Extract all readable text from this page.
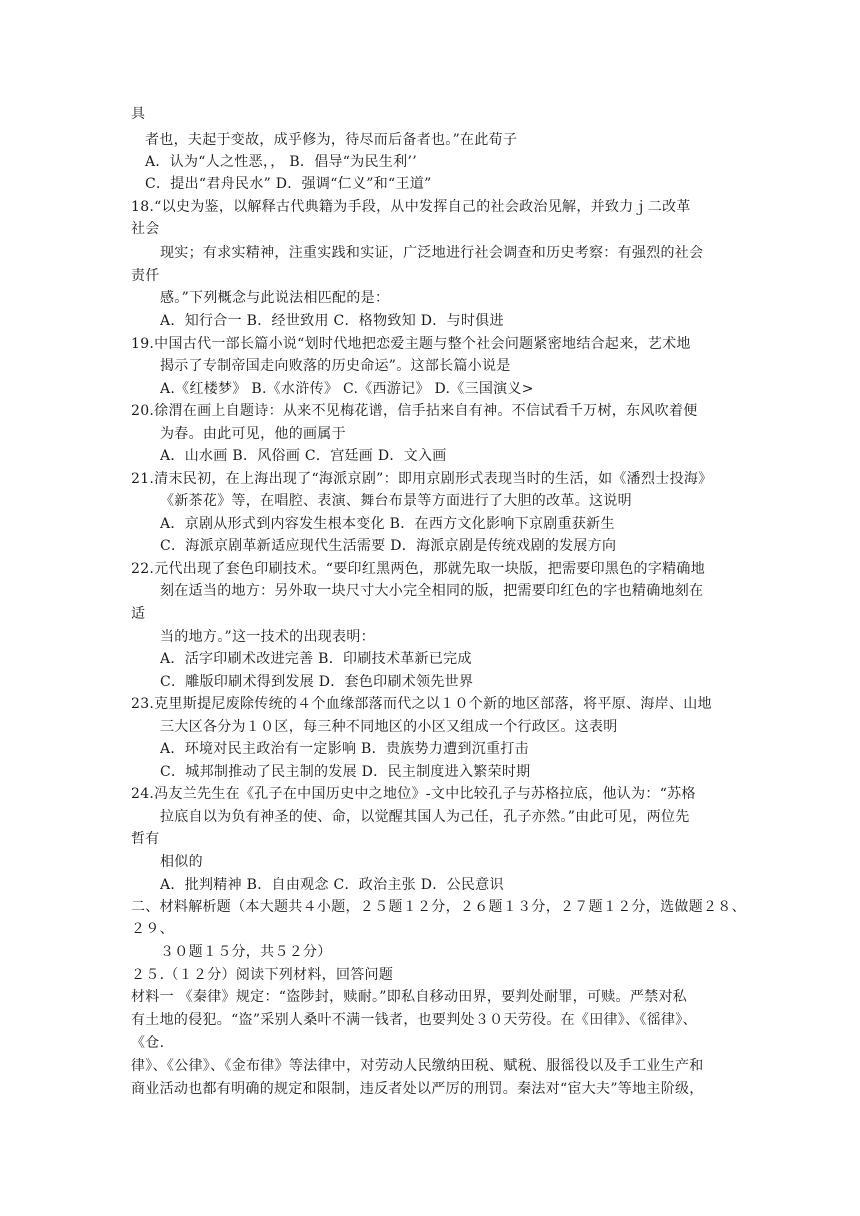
具
者也，夫起于变故，成乎修为，待尽而后备者也。”在此荀子
A．认为“人之性恶，， B．倡导“为民生利’’
C．提出“君舟民水” D．强调“仁义”和“王道”
18.“以史为鉴，以解释古代典籍为手段，从中发挥自己的社会政治见解，并致力ｊ二改革
社会
现实；有求实精神，注重实践和实证，广泛地进行社会调查和历史考察：有强烈的社会
责仟
感。”下列概念与此说法相匹配的是：
A．知行合一 B．经世致用 C．格物致知 D．与时俱进
19.中国古代一部长篇小说“划时代地把恋爱主题与整个社会问题紧密地结合起来，艺术地
揭示了专制帝国走向败落的历史命运”。这部长篇小说是
A.《红楼梦》 B.《水浒传》 C.《西游记》 D.《三国演义>
20.徐渭在画上自题诗：从来不见梅花谱，信手拈来自有神。不信试看千万树，东风吹着便
为春。由此可见，他的画属于
A．山水画 B．风俗画 C．宫廷画 D．文入画
21.清末民初，在上海出现了“海派京剧”：即用京剧形式表现当时的生活，如《潘烈士投海》
《新茶花》等，在唱腔、表演、舞台布景等方面进行了大胆的改革。这说明
A．京剧从形式到内容发生根本变化 B．在西方文化影响下京剧重获新生
C．海派京剧革新适应现代生活需要 D．海派京剧是传统戏剧的发展方向
22.元代出现了套色印刷技术。“要印红黑两色，那就先取一块版，把需要印黑色的字精确地
刻在适当的地方：另外取一块尺寸大小完全相同的版，把需要印红色的字也精确地刻在
适
当的地方。”这一技术的出现表明：
A．活字印刷术改进完善 B．印刷技术革新已完成
C．雕版印刷术得到发展 D．套色印刷术领先世界
23.克里斯提尼废除传统的４个血缘部落而代之以１０个新的地区部落，将平原、海岸、山地
三大区各分为１０区，每三种不同地区的小区又组成一个行政区。这表明
A．环境对民主政治有一定影响 B．贵族势力遭到沉重打击
C．城邦制推动了民主制的发展 D．民主制度进入繁荣时期
24.冯友兰先生在《孔子在中国历史中之地位》-文中比较孔子与苏格拉底，他认为：“苏格
拉底自以为负有神圣的使、命，以觉醒其国人为己任，孔子亦然。”由此可见，两位先
哲有
相似的
A．批判精神 B．自由观念 C．政治主张 D．公民意识
二、材料解析题（本大题共４小题，２５题１２分，２６题１３分，２７题１２分，选做题２８、
２９、
３０题１５分，共５２分）
２５.（１２分）阅读下列材料，回答问题
材料一 《秦律》规定：“盗陟封，赎耐。”即私自移动田界，要判处耐罪，可赎。严禁对私
有土地的侵犯。“盗”采别人桑叶不满一钱者，也要判处３０天劳役。在《田律》、《徭律》、
《仓.
律》、《公律》、《金布律》等法律中，对劳动人民缴纳田税、赋税、服徭役以及手工业生产和
商业活动也都有明确的规定和限制，违反者处以严厉的刑罚。秦法对“宦大夫”等地主阶级，
